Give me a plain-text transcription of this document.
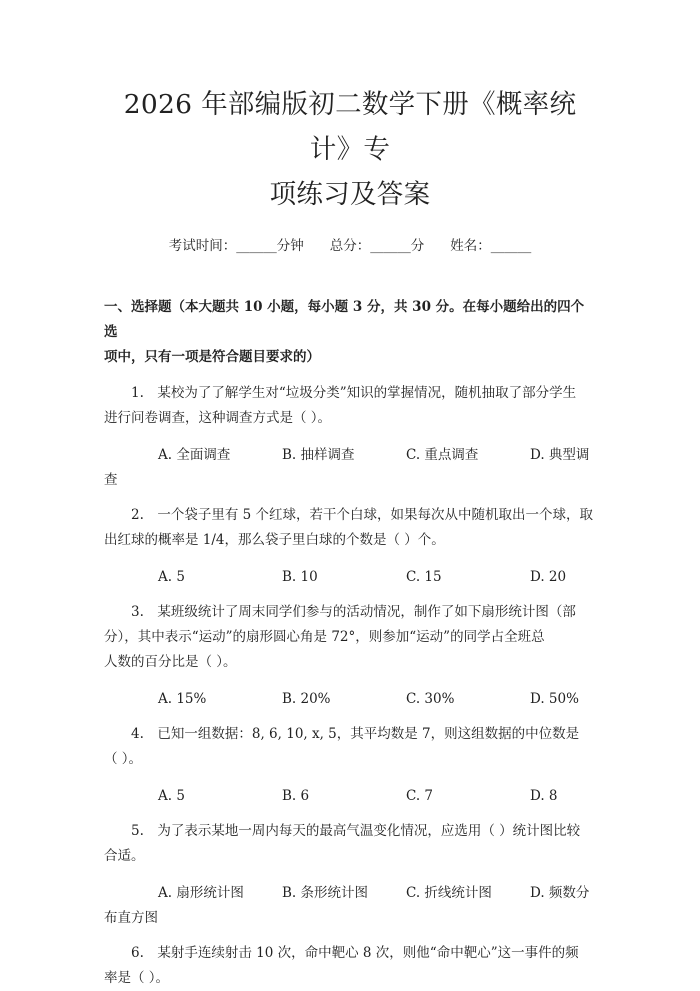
2026 年部编版初二数学下册《概率统计》专
项练习及答案
考试时间：______分钟 总分：______分 姓名：______
一、选择题（本大题共 10 小题，每小题 3 分，共 30 分。在每小题给出的四个选
项中，只有一项是符合题目要求的）
1.　某校为了了解学生对“垃圾分类”知识的掌握情况，随机抽取了部分学生
进行问卷调查，这种调查方式是（ ）。
A. 全面调查	B. 抽样调查	C. 重点调查	D. 典型调
查
2.　一个袋子里有 5 个红球，若干个白球，如果每次从中随机取出一个球，取
出红球的概率是 1/4，那么袋子里白球的个数是（ ）个。
A. 5	B. 10	C. 15	D. 20
3.　某班级统计了周末同学们参与的活动情况，制作了如下扇形统计图（部
分），其中表示“运动”的扇形圆心角是 72°，则参加“运动”的同学占全班总
人数的百分比是（ ）。
A. 15%	B. 20%	C. 30%	D. 50%
4.　已知一组数据：8, 6, 10, x, 5，其平均数是 7，则这组数据的中位数是
（ ）。
A. 5	B. 6	C. 7	D. 8
5.　为了表示某地一周内每天的最高气温变化情况，应选用（ ）统计图比较
合适。
A. 扇形统计图	B. 条形统计图	C. 折线统计图	D. 频数分
布直方图
6.　某射手连续射击 10 次，命中靶心 8 次，则他“命中靶心”这一事件的频
率是（ ）。
